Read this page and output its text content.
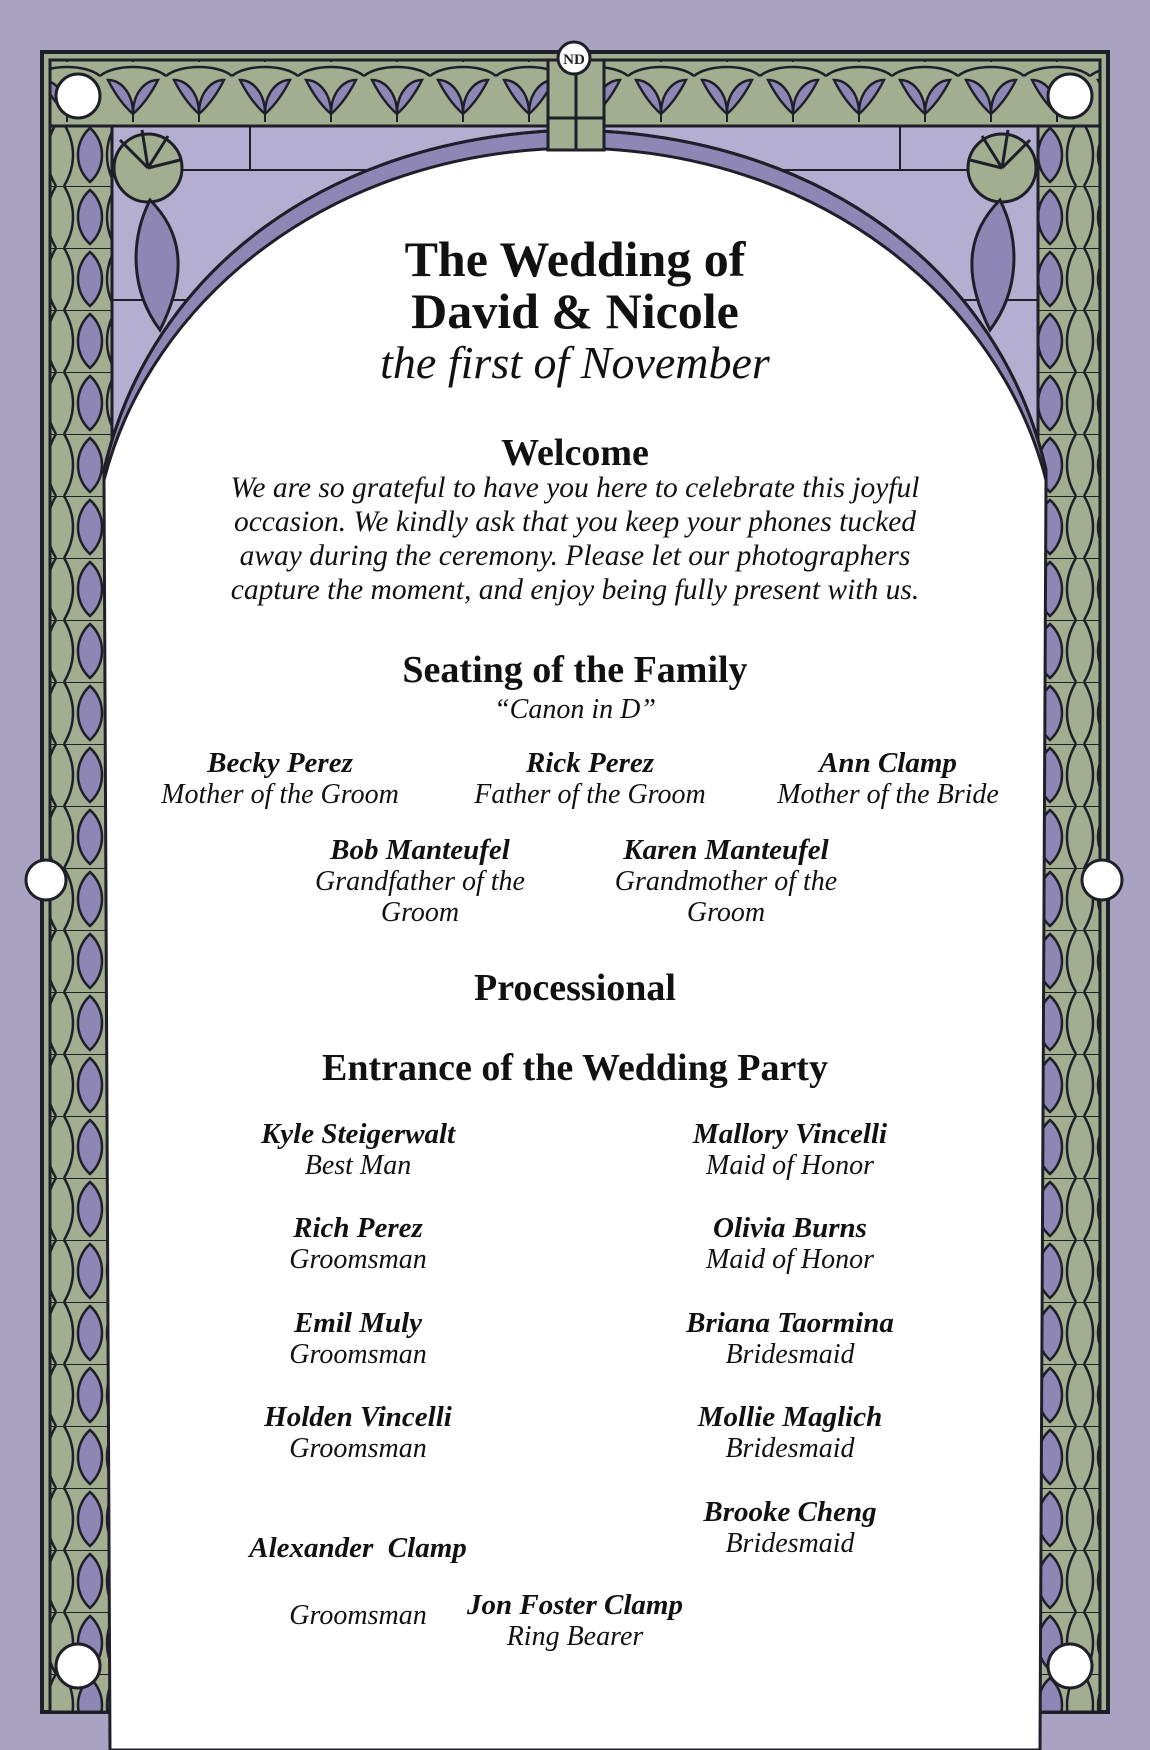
ND
The Wedding of
David & Nicole
the first of November
Welcome
We are so grateful to have you here to celebrate this joyful
occasion. We kindly ask that you keep your phones tucked
away during the ceremony. Please let our photographers
capture the moment, and enjoy being fully present with us.
Seating of the Family
“Canon in D”
Becky Perez
Mother of the Groom
Rick Perez
Father of the Groom
Ann Clamp
Mother of the Bride
Bob Manteufel
Grandfather of the Groom
Karen Manteufel
Grandmother of the Groom
Processional
Entrance of the Wedding Party
Kyle Steigerwalt
Best Man
Rich Perez
Groomsman
Emil Muly
Groomsman
Holden Vincelli
Groomsman

Alexander  Clamp

Groomsman

Mallory Vincelli
Maid of Honor
Olivia Burns
Maid of Honor
Briana Taormina
Bridesmaid
Mollie Maglich
Bridesmaid
Brooke Cheng
Bridesmaid
Jon Foster Clamp
Ring Bearer
